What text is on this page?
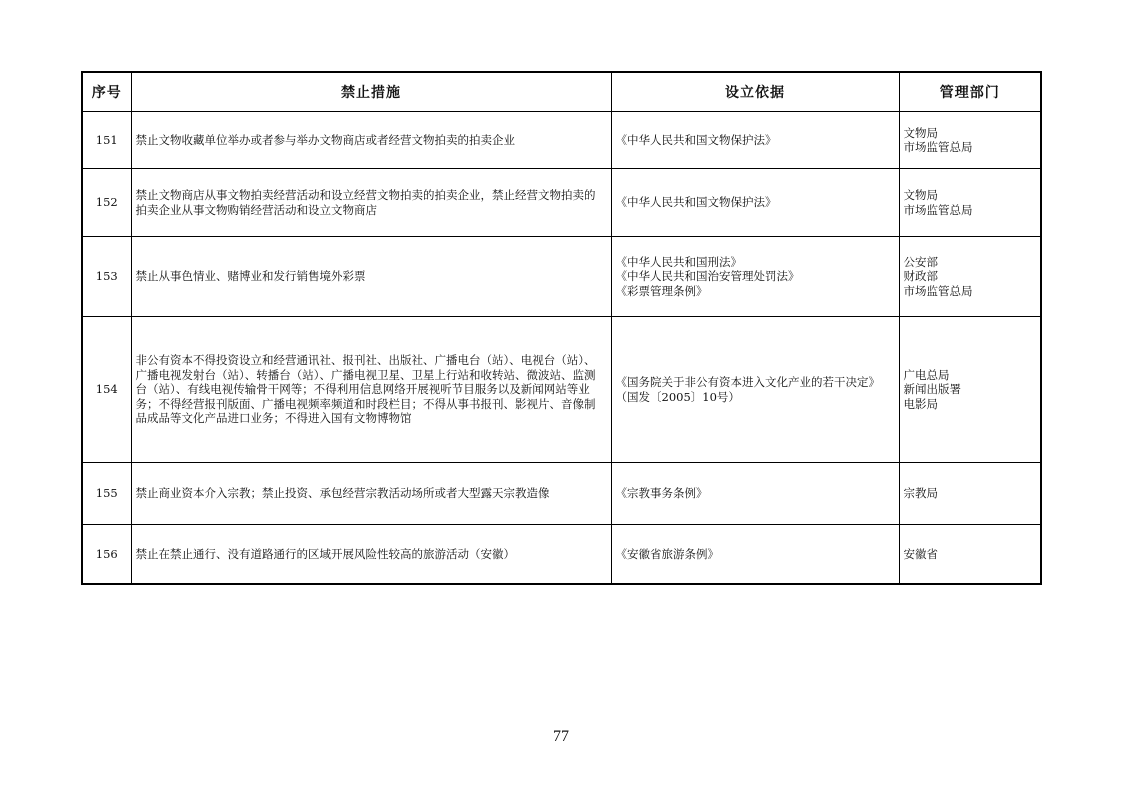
序号	禁止措施	设立依据	管理部门
151	禁止文物收藏单位举办或者参与举办文物商店或者经营文物拍卖的拍卖企业	《中华人民共和国文物保护法》	文物局
市场监管总局

152	禁止文物商店从事文物拍卖经营活动和设立经营文物拍卖的拍卖企业，禁止经营文物拍卖的拍卖企业从事文物购销经营活动和设立文物商店	《中华人民共和国文物保护法》	文物局
市场监管总局

153	禁止从事色情业、赌博业和发行销售境外彩票	《中华人民共和国刑法》
《中华人民共和国治安管理处罚法》
《彩票管理条例》	公安部
财政部
市场监管总局

154	非公有资本不得投资设立和经营通讯社、报刊社、出版社、广播电台（站）、电视台（站）、广播电视发射台（站）、转播台（站）、广播电视卫星、卫星上行站和收转站、微波站、监测台（站）、有线电视传输骨干网等；不得利用信息网络开展视听节目服务以及新闻网站等业务；不得经营报刊版面、广播电视频率频道和时段栏目；不得从事书报刊、影视片、音像制品成品等文化产品进口业务；不得进入国有文物博物馆	《国务院关于非公有资本进入文化产业的若干决定》（国发〔2005〕10号）	广电总局
新闻出版署
电影局

155	禁止商业资本介入宗教；禁止投资、承包经营宗教活动场所或者大型露天宗教造像	《宗教事务条例》	宗教局

156	禁止在禁止通行、没有道路通行的区域开展风险性较高的旅游活动（安徽）	《安徽省旅游条例》	安徽省
77
